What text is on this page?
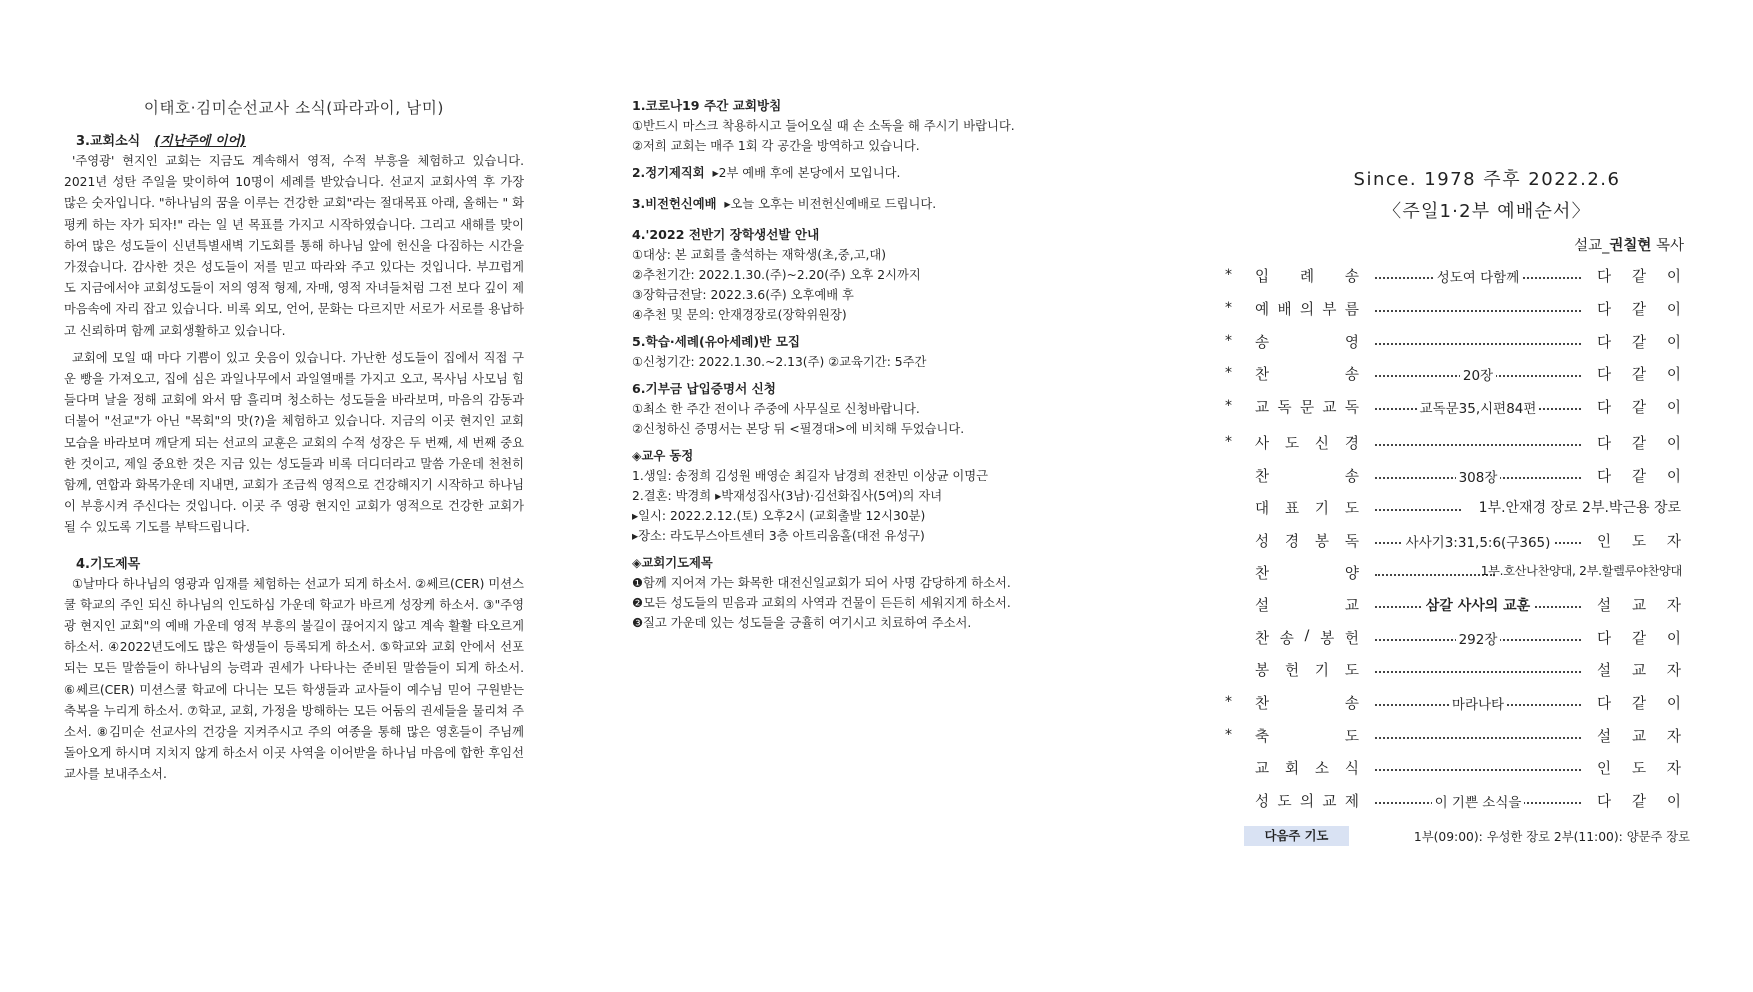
이태호·김미순선교사 소식(파라과이, 남미)
3.교회소식 (지난주에 이어)

'주영광' 현지인 교회는 지금도 계속해서 영적, 수적 부흥을 체험하고 있습니다. 2021년 성탄 주일을 맞이하여 10명이 세례를 받았습니다. 선교지 교회사역 후 가장 많은 숫자입니다. "하나님의 꿈을 이루는 건강한 교회"라는 절대목표 아래, 올해는 " 화평케 하는 자가 되자!" 라는 일 년 목표를 가지고 시작하였습니다. 그리고 새해를 맞이하여 많은 성도들이 신년특별새벽 기도회를 통해 하나님 앞에 헌신을 다짐하는 시간을 가졌습니다. 감사한 것은 성도들이 저를 믿고 따라와 주고 있다는 것입니다. 부끄럽게도 지금에서야 교회성도들이 저의 영적 형제, 자매, 영적 자녀들처럼 그전 보다 깊이 제 마음속에 자리 잡고 있습니다. 비록 외모, 언어, 문화는 다르지만 서로가 서로를 용납하고 신뢰하며 함께 교회생활하고 있습니다.

교회에 모일 때 마다 기쁨이 있고 웃음이 있습니다. 가난한 성도들이 집에서 직접 구운 빵을 가져오고, 집에 심은 과일나무에서 과일열매를 가지고 오고, 목사님 사모님 힘들다며 날을 정해 교회에 와서 땀 흘리며 청소하는 성도들을 바라보며, 마음의 감동과 더불어 "선교"가 아닌 "목회"의 맛(?)을 체험하고 있습니다. 지금의 이곳 현지인 교회 모습을 바라보며 깨닫게 되는 선교의 교훈은 교회의 수적 성장은 두 번째, 세 번째 중요 한 것이고, 제일 중요한 것은 지금 있는 성도들과 비록 더디더라고 말씀 가운데 천천히 함께, 연합과 화목가운데 지내면, 교회가 조금씩 영적으로 건강해지기 시작하고 하나님이 부흥시켜 주신다는 것입니다. 이곳 주 영광 현지인 교회가 영적으로 건강한 교회가 될 수 있도록 기도를 부탁드립니다.

4.기도제목

①날마다 하나님의 영광과 임재를 체험하는 선교가 되게 하소서. ②쎄르(CER) 미션스쿨 학교의 주인 되신 하나님의 인도하심 가운데 학교가 바르게 성장케 하소서. ③"주영광 현지인 교회"의 예배 가운데 영적 부흥의 불길이 끊어지지 않고 계속 활활 타오르게 하소서. ④2022년도에도 많은 학생들이 등록되게 하소서. ⑤학교와 교회 안에서 선포되는 모든 말씀들이 하나님의 능력과 권세가 나타나는 준비된 말씀들이 되게 하소서. ⑥쎄르(CER) 미션스쿨 학교에 다니는 모든 학생들과 교사들이 예수님 믿어 구원받는 축복을 누리게 하소서. ⑦학교, 교회, 가정을 방해하는 모든 어둠의 권세들을 물리쳐 주소서. ⑧김미순 선교사의 건강을 지켜주시고 주의 여종을 통해 많은 영혼들이 주님께 돌아오게 하시며 지치지 않게 하소서 이곳 사역을 이어받을 하나님 마음에 합한 후임선교사를 보내주소서.

1.코로나19 주간 교회방침
①반드시 마스크 착용하시고 들어오실 때 손 소독을 해 주시기 바랍니다.
②저희 교회는 매주 1회 각 공간을 방역하고 있습니다.
2.정기제직회 ▸2부 예배 후에 본당에서 모입니다.
3.비전헌신예배 ▸오늘 오후는 비전헌신예배로 드립니다.
4.'2022 전반기 장학생선발 안내
①대상: 본 교회를 출석하는 재학생(초,중,고,대)
②추천기간: 2022.1.30.(주)~2.20(주) 오후 2시까지
③장학금전달: 2022.3.6(주) 오후예배 후
④추천 및 문의: 안재경장로(장학위원장)
5.학습·세례(유아세례)반 모집
①신청기간: 2022.1.30.~2.13(주) ②교육기간: 5주간
6.기부금 납입증명서 신청
①최소 한 주간 전이나 주중에 사무실로 신청바랍니다.
②신청하신 증명서는 본당 뒤 <필경대>에 비치해 두었습니다.
◈교우 동정
1.생일: 송정희 김성원 배영순 최길자 남경희 전찬민 이상균 이명근
2.결혼: 박경희 ▸박재성집사(3남)·김선화집사(5여)의 자녀
▸일시: 2022.2.12.(토) 오후2시 (교회출발 12시30분)
▸장소: 라도무스아트센터 3층 아트리움홀(대전 유성구)
◈교회기도제목
❶함께 지어져 가는 화목한 대전신일교회가 되어 사명 감당하게 하소서.
❷모든 성도들의 믿음과 교회의 사역과 건물이 든든히 세워지게 하소서.
❸질고 가운데 있는 성도들을 긍휼히 여기시고 치료하여 주소서.
Since. 1978 주후 2022.2.6
〈주일1·2부 예배순서〉
설교_권칠현 목사
* 입 례 송	성도여 다함께	다 같 이
* 예 배 의 부 름	다 같 이
* 송	영	다 같 이
* 찬	송	20장	다 같 이
* 교 독 문 교 독	교독문35,시편84편	다 같 이
* 사 도 신 경	다 같 이
찬	송	308장	다 같 이
대 표 기 도	1부.안재경 장로 2부.박근용 장로
성 경 봉 독	사사기3:31,5:6(구365)	인 도 자
찬	양	1부.호산나찬양대, 2부.할렐루야찬양대
설	교	삼갈 사사의 교훈	설 교 자
찬 송 / 봉 헌	292장	다 같 이
봉 헌 기 도	설 교 자
* 찬	송	마라나타	다 같 이
* 축	도	설 교 자
교 회 소 식	인 도 자
성 도 의 교 제	이 기쁜 소식을	다 같 이
다음주 기도	1부(09:00): 우성한 장로 2부(11:00): 양문주 장로
